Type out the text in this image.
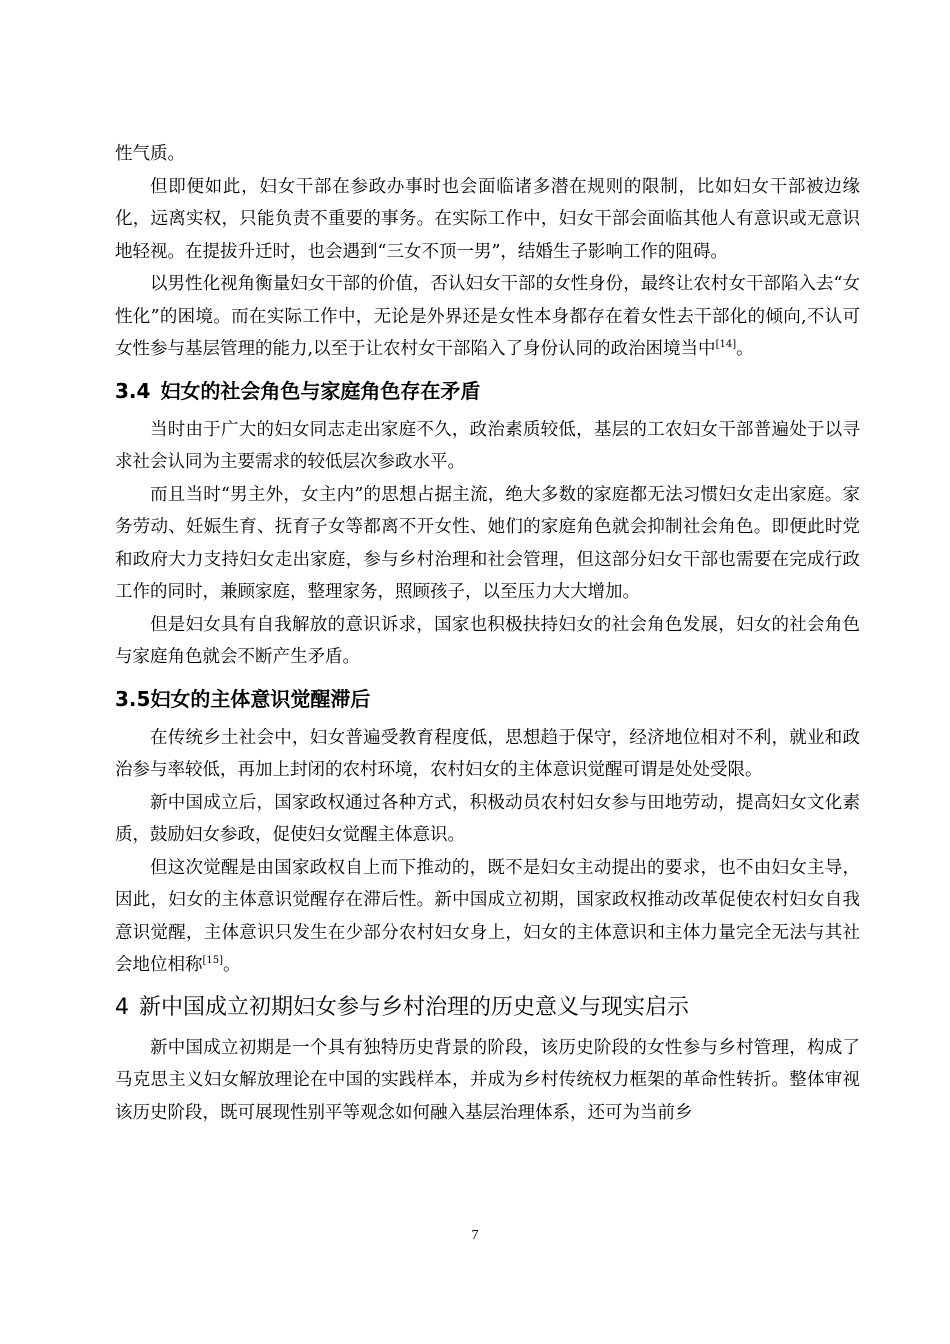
性气质。

但即便如此，妇女干部在参政办事时也会面临诸多潜在规则的限制，比如妇女干部被边缘化，远离实权，只能负责不重要的事务。在实际工作中，妇女干部会面临其他人有意识或无意识地轻视。在提拔升迁时，也会遇到“三女不顶一男”，结婚生子影响工作的阻碍。

以男性化视角衡量妇女干部的价值，否认妇女干部的女性身份，最终让农村女干部陷入去“女性化”的困境。而在实际工作中，无论是外界还是女性本身都存在着女性去干部化的倾向,不认可女性参与基层管理的能力,以至于让农村女干部陷入了身份认同的政治困境当中[14]。

3.4 妇女的社会角色与家庭角色存在矛盾

当时由于广大的妇女同志走出家庭不久，政治素质较低，基层的工农妇女干部普遍处于以寻求社会认同为主要需求的较低层次参政水平。

而且当时“男主外，女主内”的思想占据主流，绝大多数的家庭都无法习惯妇女走出家庭。家务劳动、妊娠生育、抚育子女等都离不开女性、她们的家庭角色就会抑制社会角色。即便此时党和政府大力支持妇女走出家庭，参与乡村治理和社会管理，但这部分妇女干部也需要在完成行政工作的同时，兼顾家庭，整理家务，照顾孩子，以至压力大大增加。

但是妇女具有自我解放的意识诉求，国家也积极扶持妇女的社会角色发展，妇女的社会角色与家庭角色就会不断产生矛盾。

3.5妇女的主体意识觉醒滞后

在传统乡土社会中，妇女普遍受教育程度低，思想趋于保守，经济地位相对不利，就业和政治参与率较低，再加上封闭的农村环境，农村妇女的主体意识觉醒可谓是处处受限。

新中国成立后，国家政权通过各种方式，积极动员农村妇女参与田地劳动，提高妇女文化素质，鼓励妇女参政，促使妇女觉醒主体意识。

但这次觉醒是由国家政权自上而下推动的，既不是妇女主动提出的要求，也不由妇女主导，因此，妇女的主体意识觉醒存在滞后性。新中国成立初期，国家政权推动改革促使农村妇女自我意识觉醒，主体意识只发生在少部分农村妇女身上，妇女的主体意识和主体力量完全无法与其社会地位相称[15]。

4 新中国成立初期妇女参与乡村治理的历史意义与现实启示

新中国成立初期是一个具有独特历史背景的阶段，该历史阶段的女性参与乡村管理，构成了马克思主义妇女解放理论在中国的实践样本，并成为乡村传统权力框架的革命性转折。整体审视该历史阶段，既可展现性别平等观念如何融入基层治理体系，还可为当前乡

7
